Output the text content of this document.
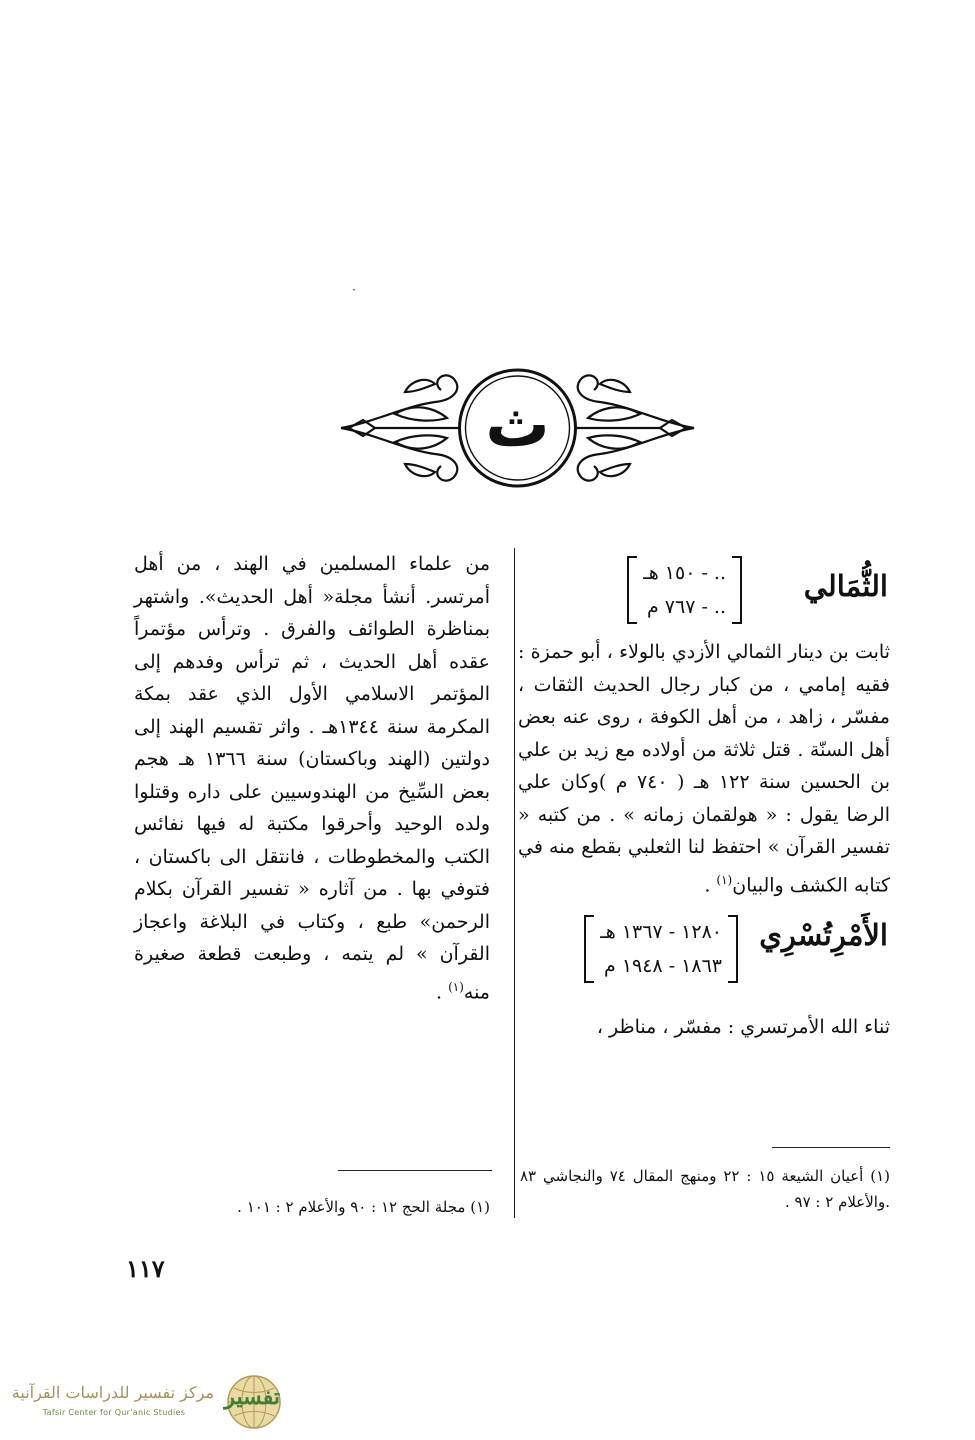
·
ث
الثُّمَالي
.. - ١٥٠ هـ
.. - ٧٦٧ م

ثابت بن دينار الثمالي الأزدي بالولاء ، أبو حمزة : فقيه إمامي ، من كبار رجال الحديث الثقات ، مفسّر ، زاهد ، من أهل الكوفة ، روى عنه بعض أهل السنّة . قتل ثلاثة من أولاده مع زيد بن علي بن الحسين سنة ١٢٢ هـ ( ٧٤٠ م )وكان علي الرضا يقول : « هولقمان زمانه » . من كتبه « تفسير القرآن » احتفظ لنا الثعلبي بقطع منه في كتابه الكشف والبيان$^{(١)}$ .

الأَمْرِتُسْرِي
١٢٨٠ - ١٣٦٧ هـ
١٨٦٣ - ١٩٤٨ م

ثناء الله الأمرتسري : مفسّر ، مناظر ،

من علماء المسلمين في الهند ، من أهل أمرتسر. أنشأ مجلة« أهل الحديث». واشتهر بمناظرة الطوائف والفرق . وترأس مؤتمراً عقده أهل الحديث ، ثم ترأس وفدهم إلى المؤتمر الاسلامي الأول الذي عقد بمكة المكرمة سنة ١٣٤٤هـ . واثر تقسيم الهند إلى دولتين (الهند وباكستان) سنة ١٣٦٦ هـ هجم بعض السِّيخ من الهندوسيين على داره وقتلوا ولده الوحيد وأحرقوا مكتبة له فيها نفائس الكتب والمخطوطات ، فانتقل الى باكستان ، فتوفي بها . من آثاره « تفسير القرآن بكلام الرحمن» طبع ، وكتاب في البلاغة واعجاز القرآن » لم يتمه ، وطبعت قطعة صغيرة منه$^{(١)}$ .

(١) أعيان الشيعة ١٥ : ٢٢ ومنهج المقال ٧٤ والنجاشي ٨٣ .والأعلام ٢ : ٩٧ .
(١) مجلة الحج ١٢ : ٩٠ والأعلام ٢ : ١٠١ .
١١٧
تفسير
مركز تفسير للدراسات القرآنية
Tafsir Center for Qur'anic Studies
